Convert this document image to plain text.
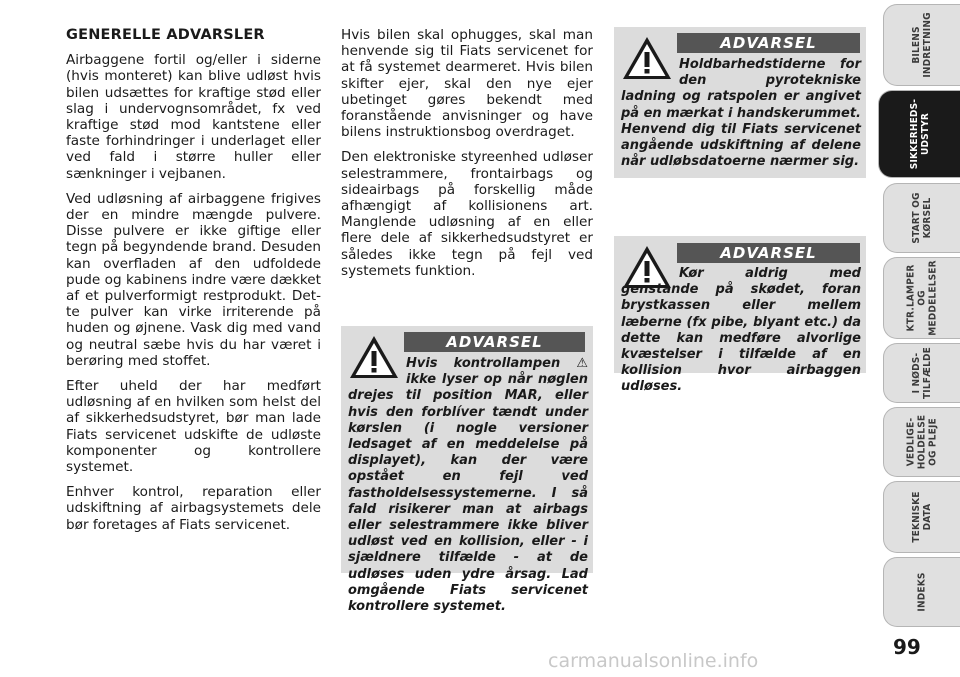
GENERELLE ADVARSLER

Airbaggene fortil og/eller i siderne (hvis monteret) kan blive udløst hvis bilen udsættes for kraftige stød eller slag i undervognsområdet, fx ved kraftige stød mod kantstene eller faste forhindringer i underlaget eller ved fald i større huller eller sænkninger i vejbanen.

Ved udløsning af airbaggene frigives der en mindre mængde pulvere. Disse pulvere er ikke giftige eller tegn på begyndende brand. Desuden kan overfladen af den udfoldede pude og kabinens indre være dækket af et pulverformigt restprodukt. Det-te pulver kan virke irriterende på huden og øjnene. Vask dig med vand og neutral sæbe hvis du har været i berøring med stoffet.

Efter uheld der har medført udløsning af en hvilken som helst del af sikkerhedsudstyret, bør man lade Fiats servicenet udskifte de udløste komponenter og kontrollere systemet.

Enhver kontrol, reparation eller udskiftning af airbagsystemets dele bør foretages af Fiats servicenet.

Hvis bilen skal ophugges, skal man henvende sig til Fiats servicenet for at få systemet dearmeret. Hvis bilen skifter ejer, skal den nye ejer ubetinget gøres bekendt med foranstående anvisninger og have bilens instruktionsbog overdraget.

Den elektroniske styreenhed udløser selestrammere, frontairbags og sideairbags på forskellig måde afhængigt af kollisionens art. Manglende udløsning af en eller flere dele af sikkerhedsudstyret er således ikke tegn på fejl ved systemets funktion.

ADVARSEL
Hvis kontrollampen ⚠ ikke lyser op når nøglen drejes til position MAR, eller hvis den forblíver tændt under kørslen (i nogle versioner ledsaget af en meddelelse på displayet), kan der være opstået en fejl ved fastholdelsessystemerne. I så fald risikerer man at airbags eller selestrammere ikke bliver udløst ved en kollision, eller - i sjældnere tilfælde - at de udløses uden ydre årsag. Lad omgående Fiats servicenet kontrollere systemet.
ADVARSEL
Holdbarhedstiderne for den pyrotekniske ladning og ratspolen er angivet på en mærkat i handskerummet. Henvend dig til Fiats servicenet angående udskiftning af delene når udløbsdatoerne nærmer sig.
ADVARSEL
Kør aldrig med genstande på skødet, foran brystkassen eller mellem læberne (fx pibe, blyant etc.) da dette kan medføre alvorlige kvæstelser i tilfælde af en kollision hvor airbaggen udløses.
BILENS
INDRETNING
SIKKERHEDS-
UDSTYR
START OG
KØRSEL
KTR.LAMPER
OG
MEDDELELSER
I NØDS-
TILFÆLDE
VEDLIGE-
HOLDELSE
OG PLEJE
TEKNISKE
DATA
INDEKS
99
carmanualsonline.info
